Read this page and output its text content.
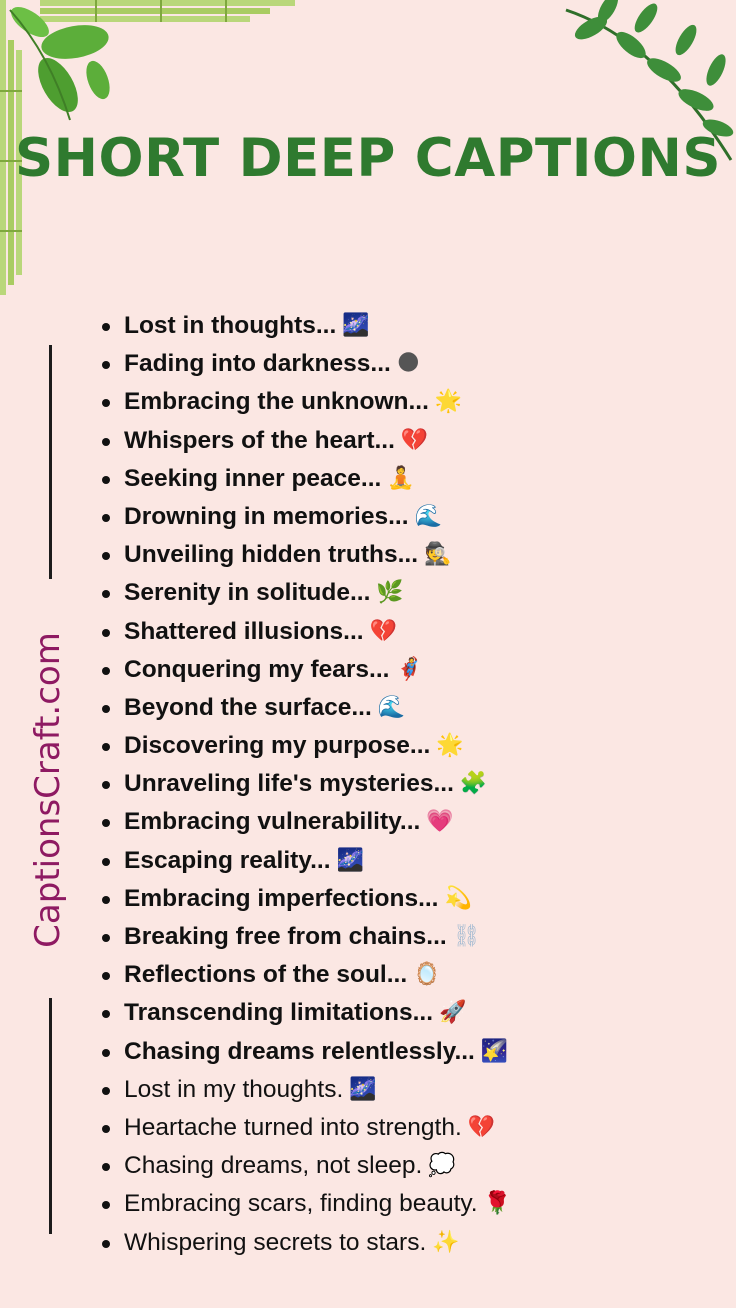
SHORT DEEP CAPTIONS
CaptionsCraft.com
Lost in thoughts... 🌌
Fading into darkness... 🌑
Embracing the unknown... 🌟
Whispers of the heart... 💔
Seeking inner peace... 🧘
Drowning in memories... 🌊
Unveiling hidden truths... 🕵
Serenity in solitude... 🌿
Shattered illusions... 💔
Conquering my fears... 🦸
Beyond the surface... 🌊
Discovering my purpose... 🌟
Unraveling life's mysteries... 🧩
Embracing vulnerability... 💗
Escaping reality... 🌌
Embracing imperfections... 💫
Breaking free from chains... ⛓
Reflections of the soul... 🪞
Transcending limitations... 🚀
Chasing dreams relentlessly... 🌠
Lost in my thoughts. 🌌
Heartache turned into strength. 💔
Chasing dreams, not sleep. 💭
Embracing scars, finding beauty. 🌹
Whispering secrets to stars. ✨
